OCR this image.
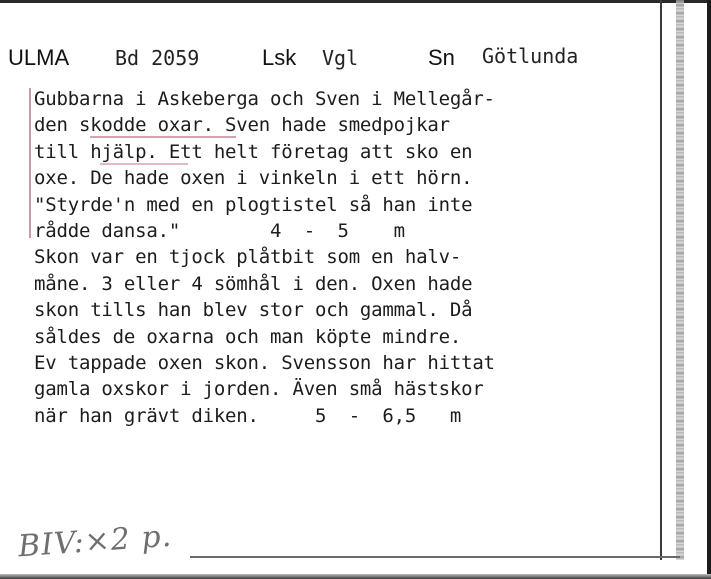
ULMA Bd 2059	Lsk Vgl	Sn Götlunda
Gubbarna i Askeberga och Sven i Mellegår-
den skodde oxar. Sven hade smedpojkar
till hjälp. Ett helt företag att sko en
oxe. De hade oxen i vinkeln i ett hörn.
"Styrde'n med en plogtistel så han inte
rådde dansa."        4  -  5    m
Skon var en tjock plåtbit som en halv-
måne. 3 eller 4 sömhål i den. Oxen hade
skon tills han blev stor och gammal. Då
såldes de oxarna och man köpte mindre.
Ev tappade oxen skon. Svensson har hittat
gamla oxskor i jorden. Även små hästskor
när han grävt diken.     5  -  6,5   m
BIV:×2 p.
